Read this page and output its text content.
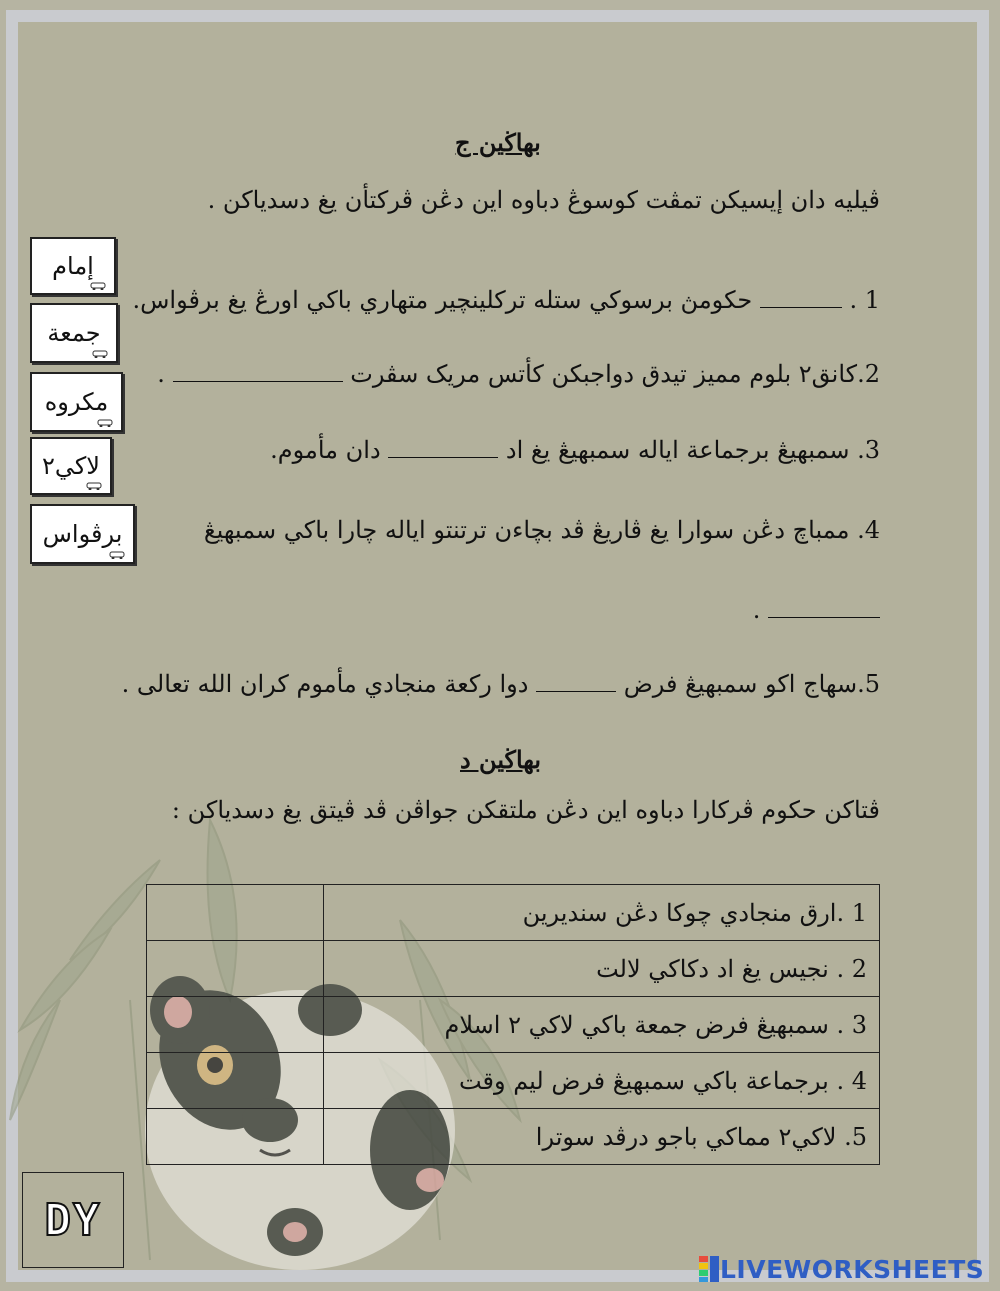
بهاڬين ج
ڤيليه دان إيسيکن تمڤت کوسوڠ دباوه اين دڠن ڤرکتأن يغ دسدياکن .
إمام
جمعة
مکروه
لاکي٢
برڤواس
1 .  حکومڽ برسوکي ستله ترکلينچير متهاري باکي اورڠ يغ برڤواس.
2.کانق٢ بلوم مميز تيدق دواجبکن کأتس مريک سڤرت  .
3. سمبهيڠ برجماعة اياله سمبهيڠ يغ اد  دان مأموم.
4. ممباچ دڠن سوارا يغ ڤاريڠ ڤد بچاءن ترتنتو اياله چارا باکي سمبهيڠ
.
5.سهاج اکو سمبهيڠ فرض  دوا رکعة منجادي مأموم کران الله تعالى .
بهاڬين د
ڤتاکن حکوم ڤرکارا دباوه اين دڠن ملتقکن جواڤن ڤد ڤيتق يغ دسدياکن :
	1 .ارق منجادي چوکا دڠن سنديرين
	2 . نجيس يغ اد دکاکي لالت
	3 . سمبهيڠ فرض جمعة باکي لاکي ٢ اسلام
	4 . برجماعة باکي سمبهيڠ فرض ليم وقت
	5. لاکي٢ مماکي باجو درڤد سوترا
DY
LIVEWORKSHEETS
